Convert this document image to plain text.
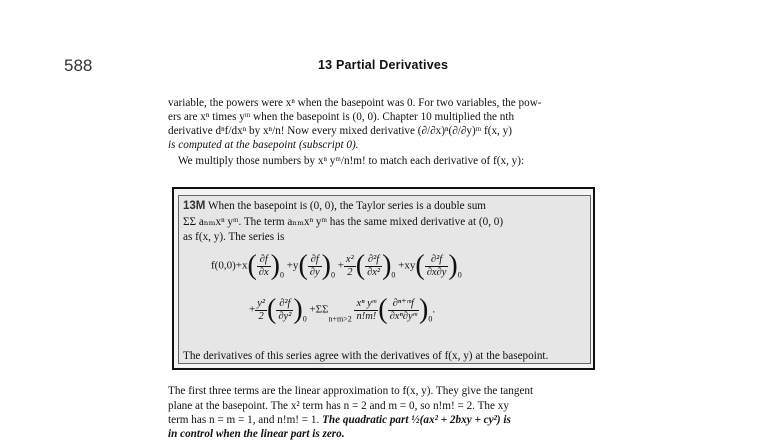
588	13 Partial Derivatives
variable, the powers were xⁿ when the basepoint was 0. For two variables, the pow-
ers are xⁿ times yᵐ when the basepoint is (0, 0). Chapter 10 multiplied the nth
derivative dⁿf/dxⁿ by xⁿ/n! Now every mixed derivative (∂/∂x)ⁿ(∂/∂y)ᵐ f(x, y)
is computed at the basepoint (subscript 0).
We multiply those numbers by xⁿ yᵐ/n!m! to match each derivative of f(x, y):
13M When the basepoint is (0, 0), the Taylor series is a double sum
ΣΣ aₙₘxⁿ yᵐ. The term aₙₘxⁿ yᵐ has the same mixed derivative at (0, 0)
as f(x, y). The series is
$f(0,0)+x( \frac{\partial f}{\partial x} )_0 +y( \frac{\partial f}{\partial y} )_0 + \frac{\text{x²}}{2}$ ( $\frac{\text{∂²f}}{\text{∂x²}} )_0 +xy( \frac{\text{∂²f}}{\partial x\partial y} )_0$
+ $\frac{\text{y²}}{2}$ ( $\frac{\text{∂²f}}{\text{∂y²}} )_0 +\Sigma\Sigma_{n+m>2} \frac{\text{xⁿ yᵐ}}{n!m!}$ ( $\frac{\text{∂ⁿ⁺ᵐf}}{\text{∂xⁿ∂yᵐ}} )_0$.
The derivatives of this series agree with the derivatives of f(x, y) at the basepoint.
The first three terms are the linear approximation to f(x, y). They give the tangent
plane at the basepoint. The x² term has n = 2 and m = 0, so n!m! = 2. The xy
term has n = m = 1, and n!m! = 1. The quadratic part ½(ax² + 2bxy + cy²) is
in control when the linear part is zero.
